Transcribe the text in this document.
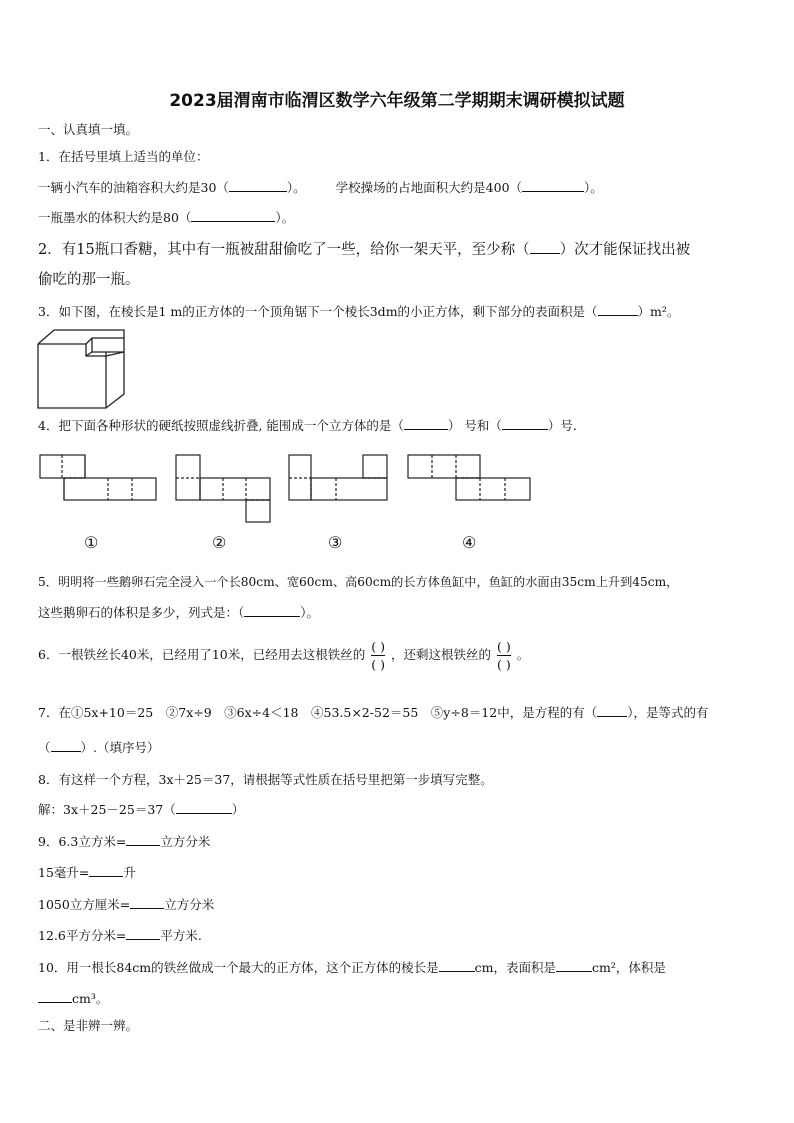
2023届渭南市临渭区数学六年级第二学期期末调研模拟试题
一、认真填一填。
1．在括号里填上适当的单位：
一辆小汽车的油箱容积大约是30（	）。 学校操场的占地面积大约是400（	）。
一瓶墨水的体积大约是80（	）。
2．有15瓶口香糖，其中有一瓶被甜甜偷吃了一些，给你一架天平，至少称（ ）次才能保证找出被
偷吃的那一瓶。
3．如下图，在棱长是1 m的正方体的一个顶角锯下一个棱长3dm的小正方体，剩下部分的表面积是（	）m²。
4．把下面各种形状的硬纸按照虚线折叠, 能围成一个立方体的是（	） 号和（	）号．
①	②	③	④
5．明明将一些鹅卵石完全浸入一个长80cm、宽60cm、高60cm的长方体鱼缸中，鱼缸的水面由35cm上升到45cm，
这些鹅卵石的体积是多少，列式是：（	）。
6．一根铁丝长40米，已经用了10米，已经用去这根铁丝的 $\frac{( )}{( )}$ ，还剩这根铁丝的 $\frac{( )}{( )}$ 。
7．在①5x+10＝25　②7x÷9　③6x÷4＜18　④53.5×2-52＝55　⑤y÷8＝12中，是方程的有（ ），是等式的有
（ ）.（填序号）
8．有这样一个方程，3x＋25＝37，请根据等式性质在括号里把第一步填写完整。
解：3x＋25－25＝37（	）
9．6.3立方米=	立方分米
15毫升=	升
1050立方厘米=	立方分米
12.6平方分米=	平方米.
10．用一根长84cm的铁丝做成一个最大的正方体，这个正方体的棱长是	cm，表面积是	cm²，体积是
cm³。
二、是非辨一辨。
